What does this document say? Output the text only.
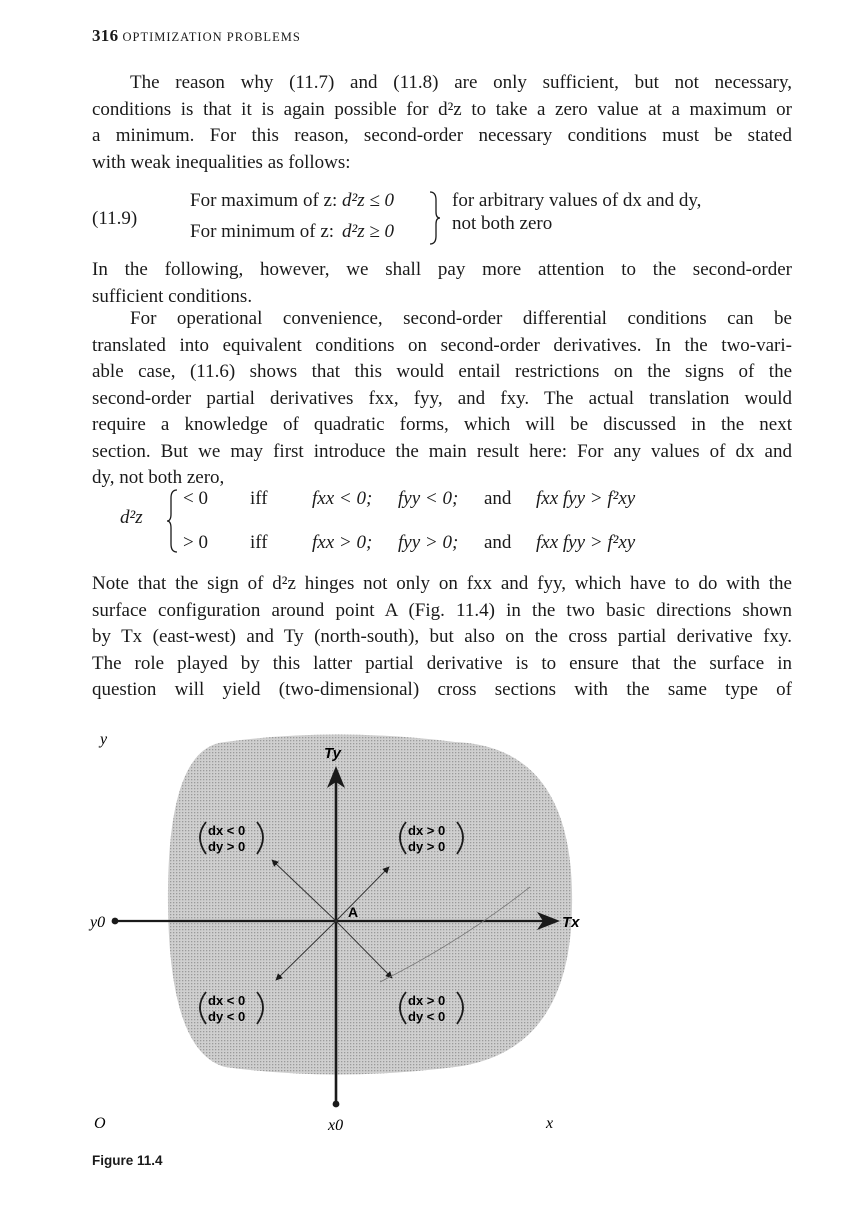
316 OPTIMIZATION PROBLEMS
The reason why (11.7) and (11.8) are only sufficient, but not necessary,
conditions is that it is again possible for d²z to take a zero value at a maximum or
a minimum. For this reason, second-order necessary conditions must be stated
with weak inequalities as follows:
(11.9)
For maximum of z: d²z ≤ 0
For minimum of z: d²z ≥ 0
for arbitrary values of dx and dy,
not both zero
In the following, however, we shall pay more attention to the second-order
sufficient conditions.
For operational convenience, second-order differential conditions can be
translated into equivalent conditions on second-order derivatives. In the two-vari-
able case, (11.6) shows that this would entail restrictions on the signs of the
second-order partial derivatives fxx, fyy, and fxy. The actual translation would
require a knowledge of quadratic forms, which will be discussed in the next
section. But we may first introduce the main result here: For any values of dx and
dy, not both zero,
d²z
< 0 iff fxx < 0; fyy < 0; and fxx fyy > f²xy
> 0 iff fxx > 0; fyy > 0; and fxx fyy > f²xy
Note that the sign of d²z hinges not only on fxx and fyy, which have to do with the
surface configuration around point A (Fig. 11.4) in the two basic directions shown
by Tx (east-west) and Ty (north-south), but also on the cross partial derivative fxy.
The role played by this latter partial derivative is to ensure that the surface in
question will yield (two-dimensional) cross sections with the same type of
dx < 0
dy > 0
dx > 0
dy > 0
dx < 0
dy < 0
dx > 0
dy < 0
y
y0
Ty
Tx
A
O	x0	x
Figure 11.4
